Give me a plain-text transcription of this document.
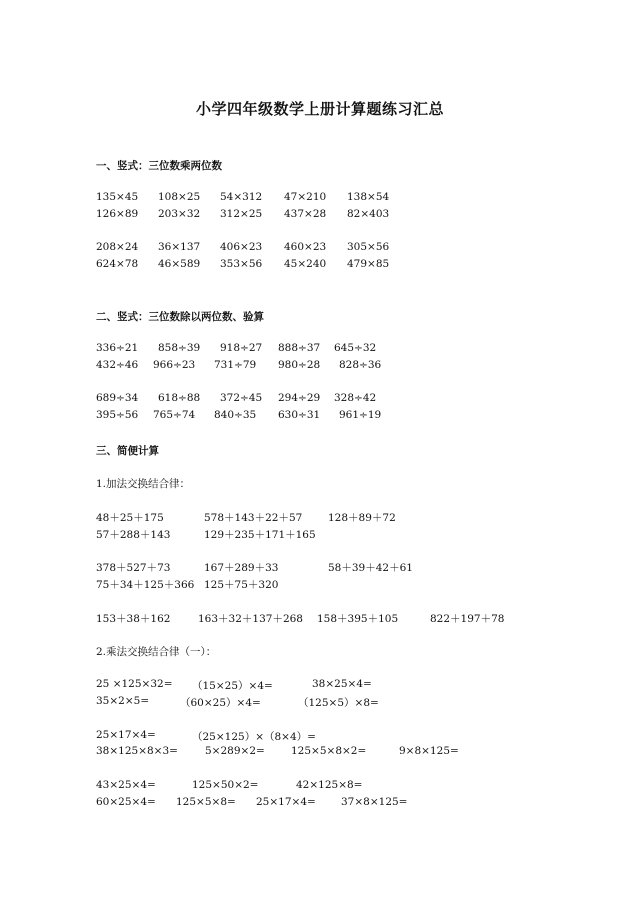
小学四年级数学上册计算题练习汇总
一、竖式：三位数乘两位数
135×45 108×25 54×312 47×210 138×54
126×89 203×32 312×25 437×28 82×403
208×24 36×137 406×23 460×23 305×56
624×78 46×589 353×56 45×240 479×85
二、竖式：三位数除以两位数、验算
336÷21 858÷39 918÷27 888÷37 645÷32
432÷46 966÷23 731÷79 980÷28 828÷36
689÷34 618÷88 372÷45 294÷29 328÷42
395÷56 765÷74 840÷35 630÷31 961÷19
三、简便计算
1.加法交换结合律：
48＋25＋175	578＋143＋22＋57 128＋89＋72
57＋288＋143	129＋235＋171＋165
378＋527＋73	167＋289＋33	58＋39＋42＋61
75＋34＋125＋366 125＋75＋320
153＋38＋162	163＋32＋137＋268 158＋395＋105	822＋197＋78
2.乘法交换结合律（一）：
25 ×125×32= （15×25）×4=	38×25×4=
35×2×5=	（60×25）×4=	（125×5）×8=
25×17×4=	（25×125）×（8×4）=
38×125×8×3=	5×289×2= 125×5×8×2=	9×8×125=
43×25×4=	125×50×2=	42×125×8=
60×25×4= 125×5×8= 25×17×4= 37×8×125=
